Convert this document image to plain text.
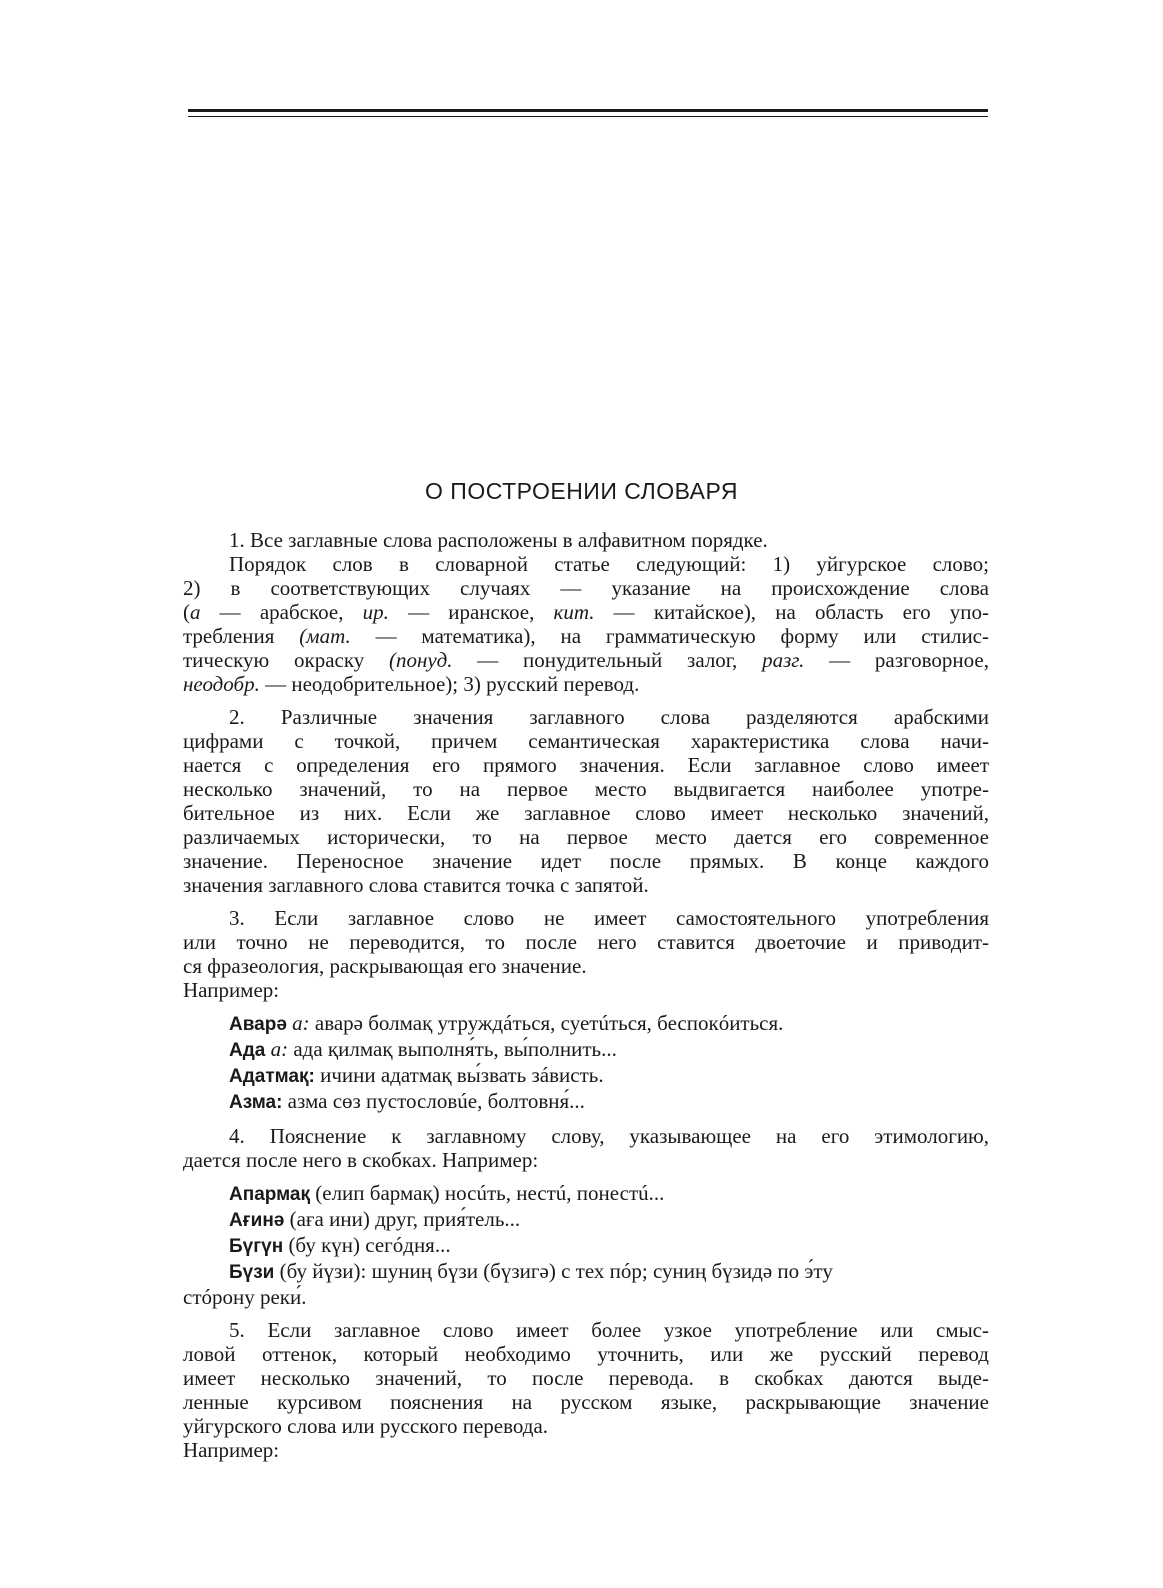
О ПОСТРОЕНИИ СЛОВАРЯ
1. Все заглавные слова расположены в алфавитном порядке.
Порядок слов в словарной статье следующий: 1) уйгурское слово;
2) в соответствующих случаях — указание на происхождение слова
(а — арабское, ир. — иранское, кит. — китайское), на область его упо-
требления (мат. — математика), на грамматическую форму или стилис-
тическую окраску (понуд. — понудительный залог, разг. — разговорное,
неодобр. — неодобрительное); 3) русский перевод.
2. Различные значения заглавного слова разделяются арабскими
цифрами с точкой, причем семантическая характеристика слова начи-
нается с определения его прямого значения. Если заглавное слово имеет
несколько значений, то на первое место выдвигается наиболее употре-
бительное из них. Если же заглавное слово имеет несколько значений,
различаемых исторически, то на первое место дается его современное
значение. Переносное значение идет после прямых. В конце каждого
значения заглавного слова ставится точка с запятой.
3. Если заглавное слово не имеет самостоятельного употребления
или точно не переводится, то после него ставится двоеточие и приводит-
ся фразеология, раскрывающая его значение.
Например:
Аварә а: аварә болмақ утруждáться, суетúться, беспокóиться.
Ада а: ада қилмақ выполня́ть, вы́полнить...
Адатмақ: ичини адатмақ вы́звать зáвисть.
Азма: азма сөз пустословúе, болтовня́...
4. Пояснение к заглавному слову, указывающее на его этимологию,
дается после него в скобках. Например:
Апармақ (елип бармақ) носúть, нестú, понестú...
Ағинә (аға ини) друг, прия́тель...
Бүгүн (бу күн) сегóдня...
Бүзи (бу йүзи): шуниң бүзи (бүзигә) с тех пóр; суниң бүзидә по э́ту
стóрону реки́.
5. Если заглавное слово имеет более узкое употребление или смыс-
ловой оттенок, который необходимо уточнить, или же русский перевод
имеет несколько значений, то после перевода. в скобках даются выде-
ленные курсивом пояснения на русском языке, раскрывающие значение
уйгурского слова или русского перевода.
Например:
